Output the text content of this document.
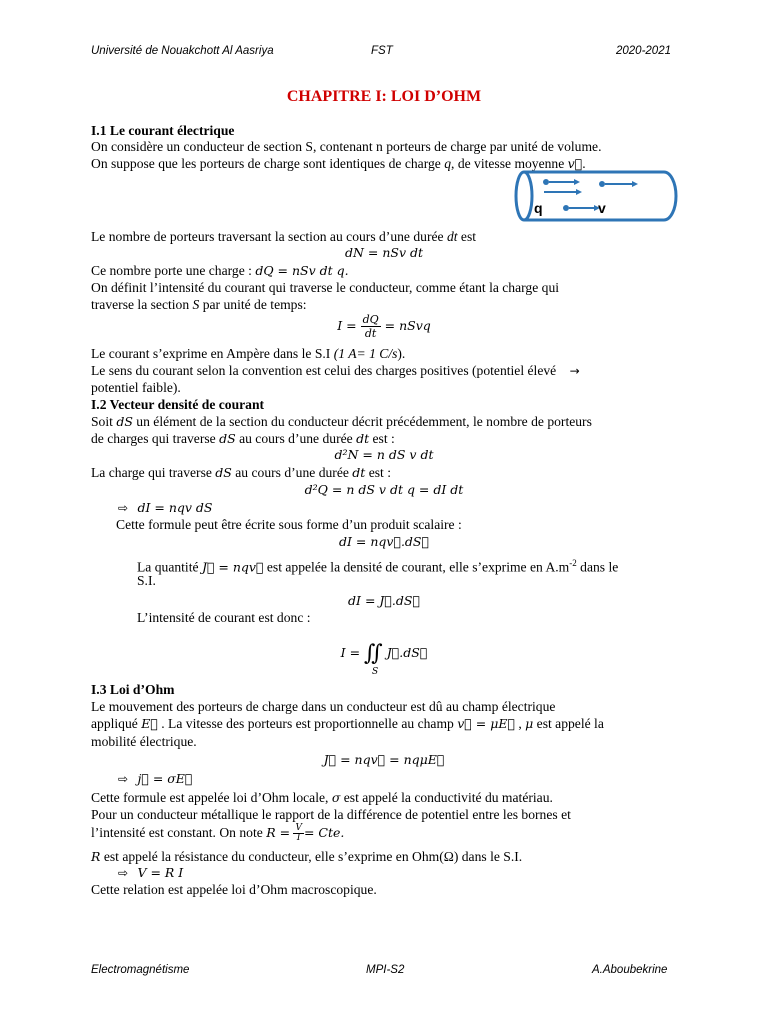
Université de Nouakchott Al Aasriya	FST	2020-2021
CHAPITRE I: LOI D’OHM
I.1 Le courant électrique
On considère un conducteur de section S, contenant n porteurs de charge par unité de volume.
On suppose que les porteurs de charge sont identiques de charge q, de vitesse moyenne v⃗.
q	v
Le nombre de porteurs traversant la section au cours d’une durée dt est
dN = nSv dt
Ce nombre porte une charge : dQ = nSv dt q.
On définit l’intensité du courant qui traverse le conducteur, comme étant la charge qui
traverse la section S par unité de temps:
$I = \frac{dQ}{dt}$ = nSvq
Le courant s’exprime en Ampère dans le S.I (1 A= 1 C/s).
Le sens du courant selon la convention est celui des charges positives (potentiel élevé →
potentiel faible).
I.2 Vecteur densité de courant
Soit dS un élément de la section du conducteur décrit précédemment, le nombre de porteurs
de charges qui traverse dS au cours d’une durée dt est :
d²N = n dS v dt
La charge qui traverse dS au cours d’une durée dt est :
d²Q = n dS v dt q = dI dt
⇨ dI = nqv dS
Cette formule peut être écrite sous forme d’un produit scalaire :
dI = nqv⃗.dS⃗
La quantité J⃗ = nqv⃗ est appelée la densité de courant, elle s’exprime en $A.m^{-2}$ dans le
S.I.
dI = J⃗.dS⃗
L’intensité de courant est donc :
I = ∬
S
J⃗.dS⃗
I.3 Loi d’Ohm
Le mouvement des porteurs de charge dans un conducteur est dû au champ électrique
appliqué E⃗ . La vitesse des porteurs est proportionnelle au champ v⃗ = μE⃗ , μ est appelé la
mobilité électrique.
J⃗ = nqv⃗ = nqμE⃗
⇨ j⃗ = σE⃗
Cette formule est appelée loi d’Ohm locale, σ est appelé la conductivité du matériau.
Pour un conducteur métallique le rapport de la différence de potentiel entre les bornes et
l’intensité est constant. On note $R = \frac{V}{I}$ = Cte.
R est appelé la résistance du conducteur, elle s’exprime en Ohm(Ω) dans le S.I.
⇨ V = R I
Cette relation est appelée loi d’Ohm macroscopique.
Electromagnétisme	MPI-S2	A.Aboubekrine
